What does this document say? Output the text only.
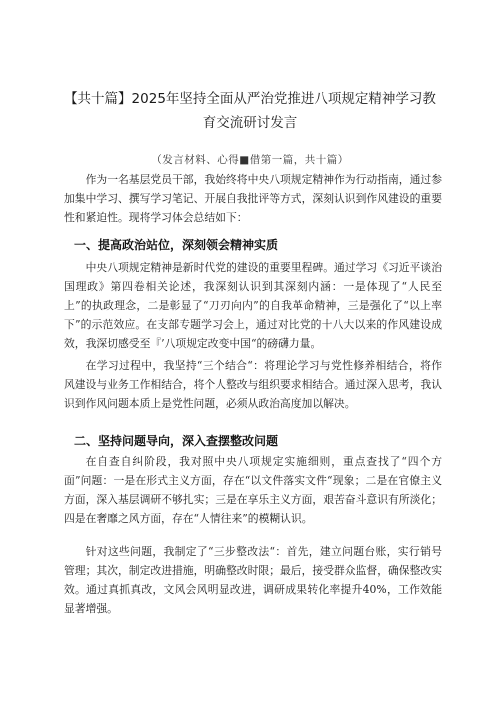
【共十篇】2025年坚持全面从严治党推进八项规定精神学习教
育交流研讨发言
（发言材料、心得■借第一篇，共十篇）

作为一名基层党员干部，我始终将中央八项规定精神作为行动指南，通过参加集中学习、撰写学习笔记、开展自我批评等方式，深刻认识到作风建设的重要性和紧迫性。现将学习体会总结如下：

一、提高政治站位，深刻领会精神实质

中央八项规定精神是新时代党的建设的重要里程碑。通过学习《习近平谈治国理政》第四卷相关论述，我深刻认识到其深刻内涵：一是体现了“人民至上”的执政理念，二是彰显了“刀刃向内”的自我革命精神，三是强化了“以上率下”的示范效应。在支部专题学习会上，通过对比党的十八大以来的作风建设成效，我深切感受至『’八项规定改变中国“的磅礴力量。

在学习过程中，我坚持“三个结合“：将理论学习与党性修养相结合，将作风建设与业务工作相结合，将个人整改与组织要求相结合。通过深入思考，我认识到作风问题本质上是党性问题，必须从政治高度加以解决。

二、坚持问题导向，深入查摆整改问题

在自查自纠阶段，我对照中央八项规定实施细则，重点查找了“四个方面”问题：一是在形式主义方面，存在“以文件落实文件“现象；二是在官僚主义方面，深入基层调研不够扎实；三是在享乐主义方面，艰苦奋斗意识有所淡化；四是在奢靡之风方面，存在“人情往来”的模糊认识。

针对这些问题，我制定了“三步整改法“：首先，建立问题台账，实行销号管理；其次，制定改进措施，明确整改时限；最后，接受群众监督，确保整改实效。通过真抓真改，文风会风明显改进，调研成果转化率提升40%，工作效能显著增强。
